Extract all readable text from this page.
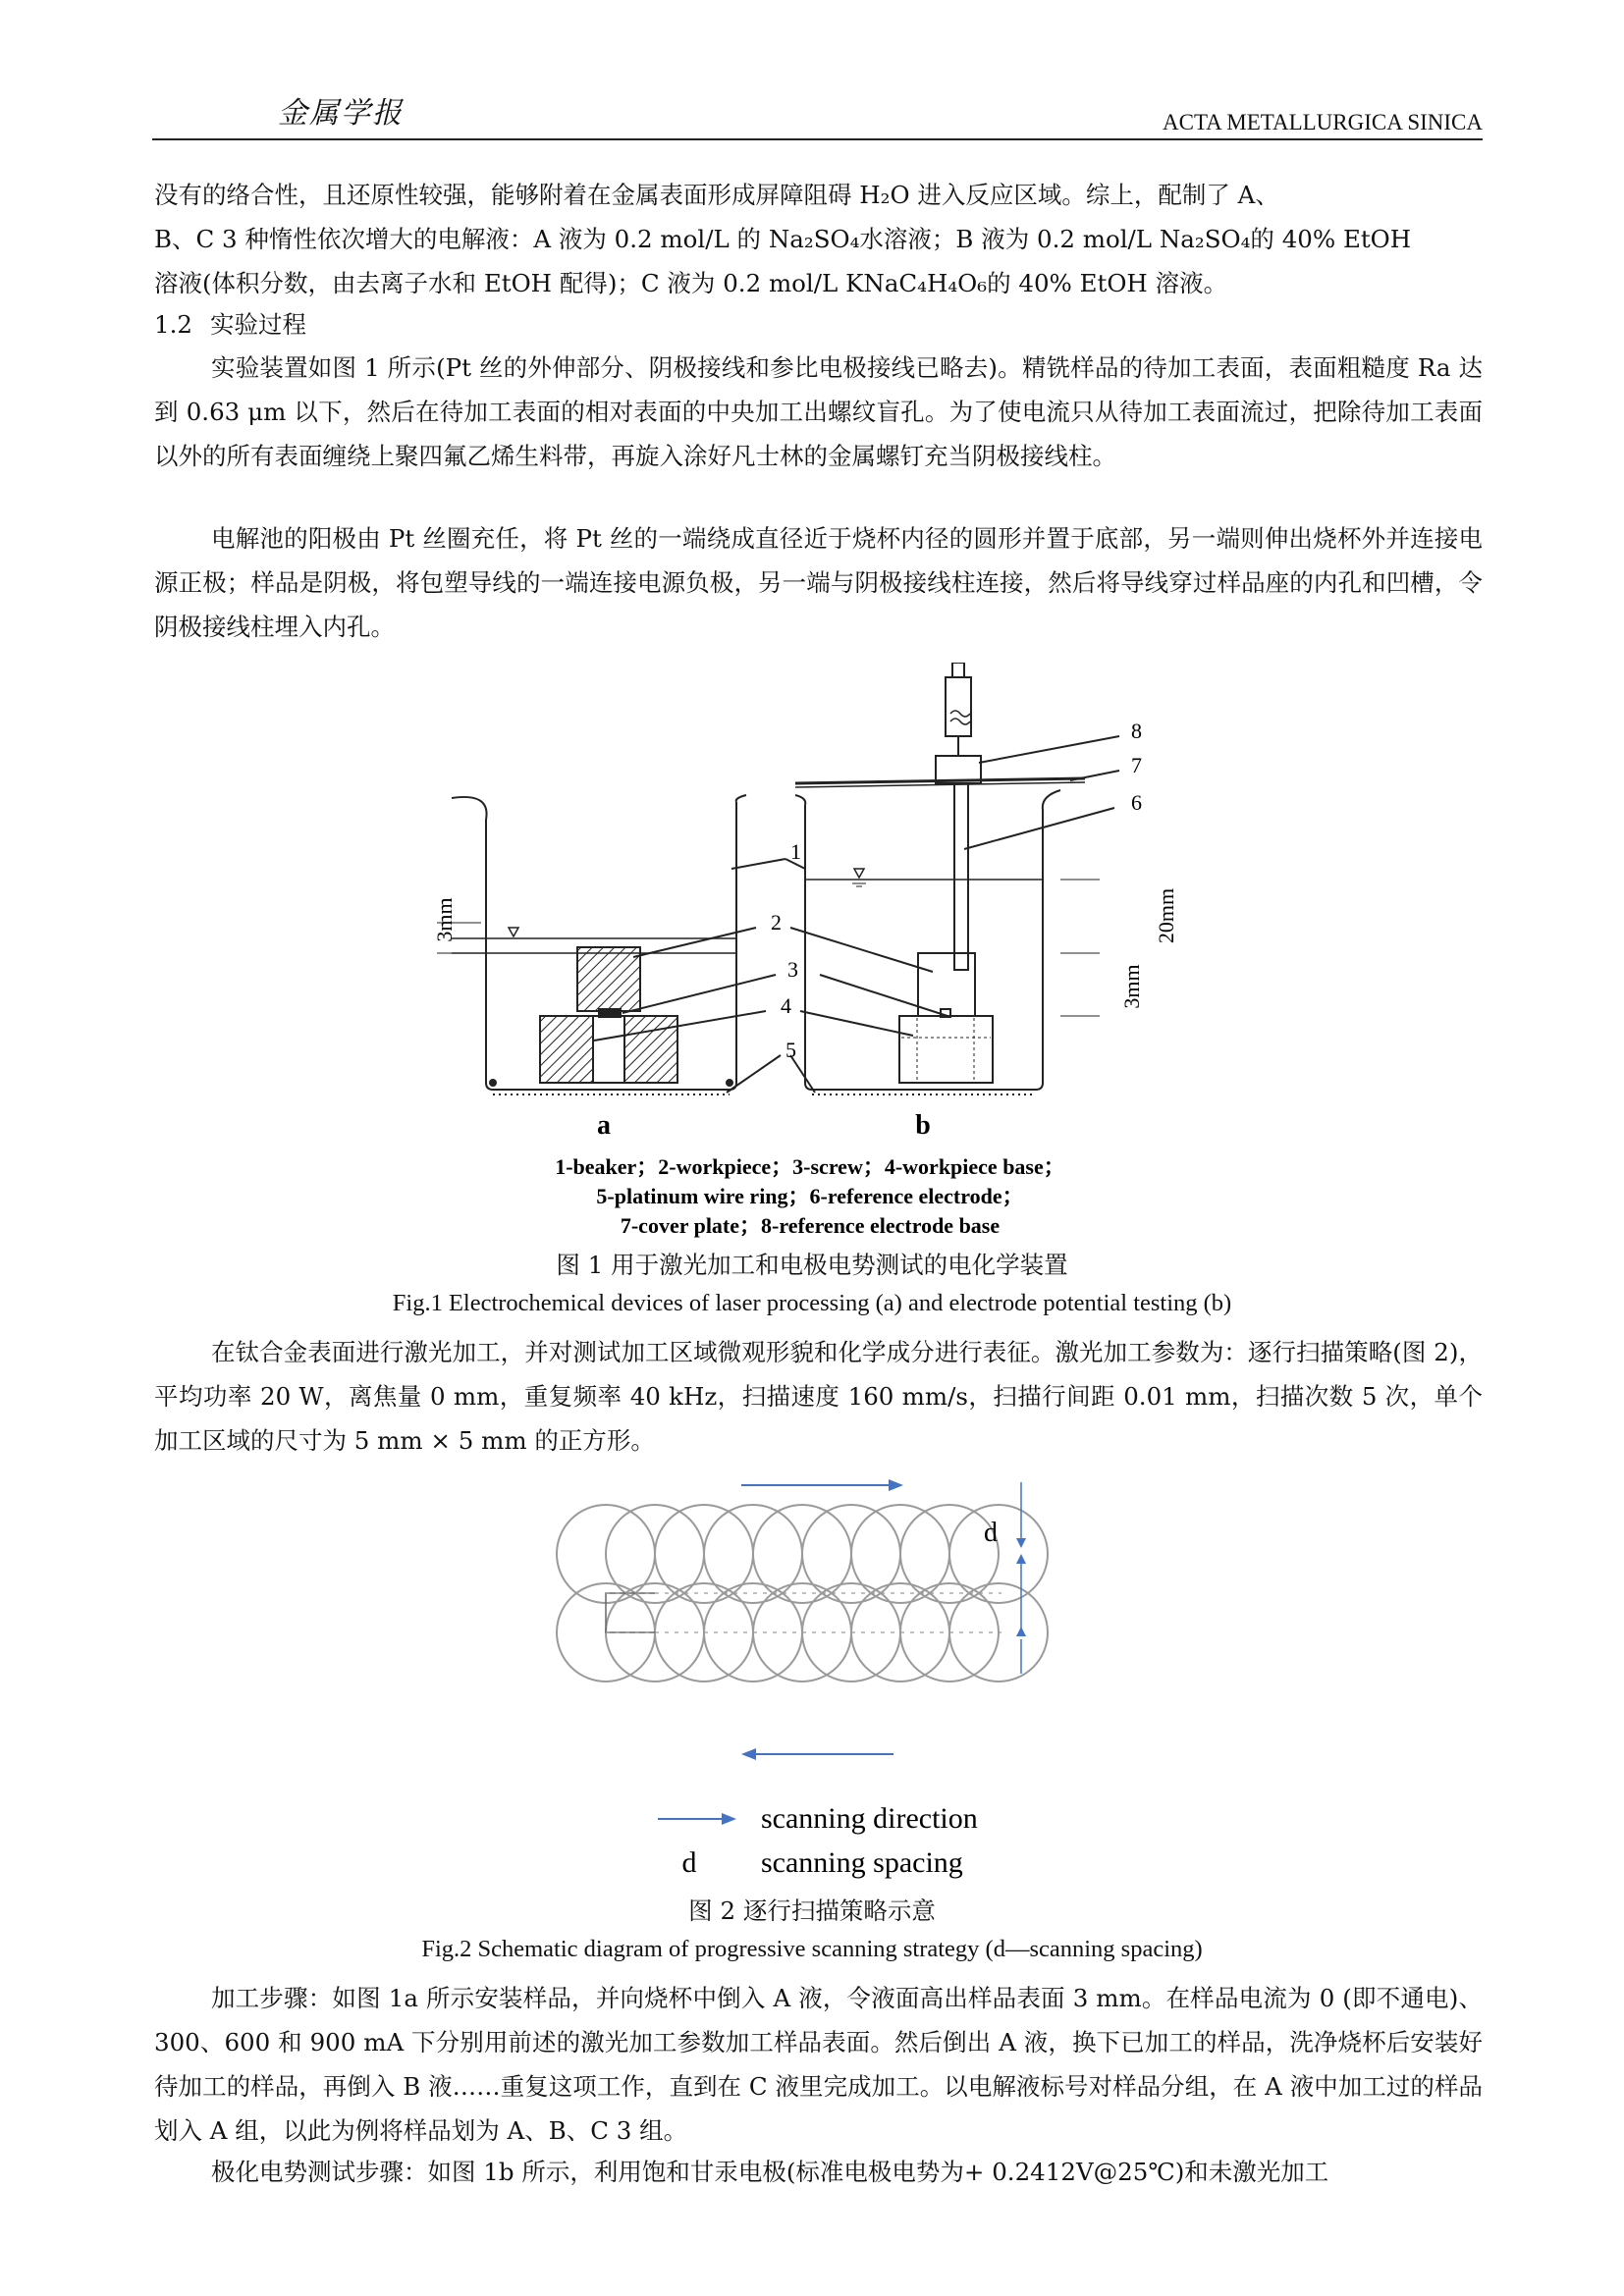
金属学报	ACTA METALLURGICA SINICA

没有的络合性，且还原性较强，能够附着在金属表面形成屏障阻碍 H₂O 进入反应区域。综上，配制了 A、

B、C 3 种惰性依次增大的电解液：A 液为 0.2 mol/L 的 Na₂SO₄水溶液；B 液为 0.2 mol/L Na₂SO₄的 40% EtOH

溶液(体积分数，由去离子水和 EtOH 配得)；C 液为 0.2 mol/L KNaC₄H₄O₆的 40% EtOH 溶液。

1.2 实验过程

实验装置如图 1 所示(Pt 丝的外伸部分、阴极接线和参比电极接线已略去)。精铣样品的待加工表面，表面粗糙度 Ra 达到 0.63 μm 以下，然后在待加工表面的相对表面的中央加工出螺纹盲孔。为了使电流只从待加工表面流过，把除待加工表面以外的所有表面缠绕上聚四氟乙烯生料带，再旋入涂好凡士林的金属螺钉充当阴极接线柱。

电解池的阳极由 Pt 丝圈充任，将 Pt 丝的一端绕成直径近于烧杯内径的圆形并置于底部，另一端则伸出烧杯外并连接电源正极；样品是阴极，将包塑导线的一端连接电源负极，另一端与阴极接线柱连接，然后将导线穿过样品座的内孔和凹槽，令阴极接线柱埋入内孔。

3mm	20mm
3mm
1
2
3
4
5
6
7
8
a	b
1-beaker；2-workpiece；3-screw；4-workpiece base；
5-platinum wire ring；6-reference electrode；
7-cover plate；8-reference electrode base
图 1 用于激光加工和电极电势测试的电化学装置
Fig.1 Electrochemical devices of laser processing (a) and electrode potential testing (b)

在钛合金表面进行激光加工，并对测试加工区域微观形貌和化学成分进行表征。激光加工参数为：逐行扫描策略(图 2)，平均功率 20 W，离焦量 0 mm，重复频率 40 kHz，扫描速度 160 mm/s，扫描行间距 0.01 mm，扫描次数 5 次，单个加工区域的尺寸为 5 mm × 5 mm 的正方形。

d
scanning direction
d scanning spacing
图 2 逐行扫描策略示意
Fig.2 Schematic diagram of progressive scanning strategy (d—scanning spacing)

加工步骤：如图 1a 所示安装样品，并向烧杯中倒入 A 液，令液面高出样品表面 3 mm。在样品电流为 0 (即不通电)、300、600 和 900 mA 下分别用前述的激光加工参数加工样品表面。然后倒出 A 液，换下已加工的样品，洗净烧杯后安装好待加工的样品，再倒入 B 液……重复这项工作，直到在 C 液里完成加工。以电解液标号对样品分组，在 A 液中加工过的样品划入 A 组，以此为例将样品划为 A、B、C 3 组。

极化电势测试步骤：如图 1b 所示，利用饱和甘汞电极(标准电极电势为+ 0.2412V@25℃)和未激光加工
